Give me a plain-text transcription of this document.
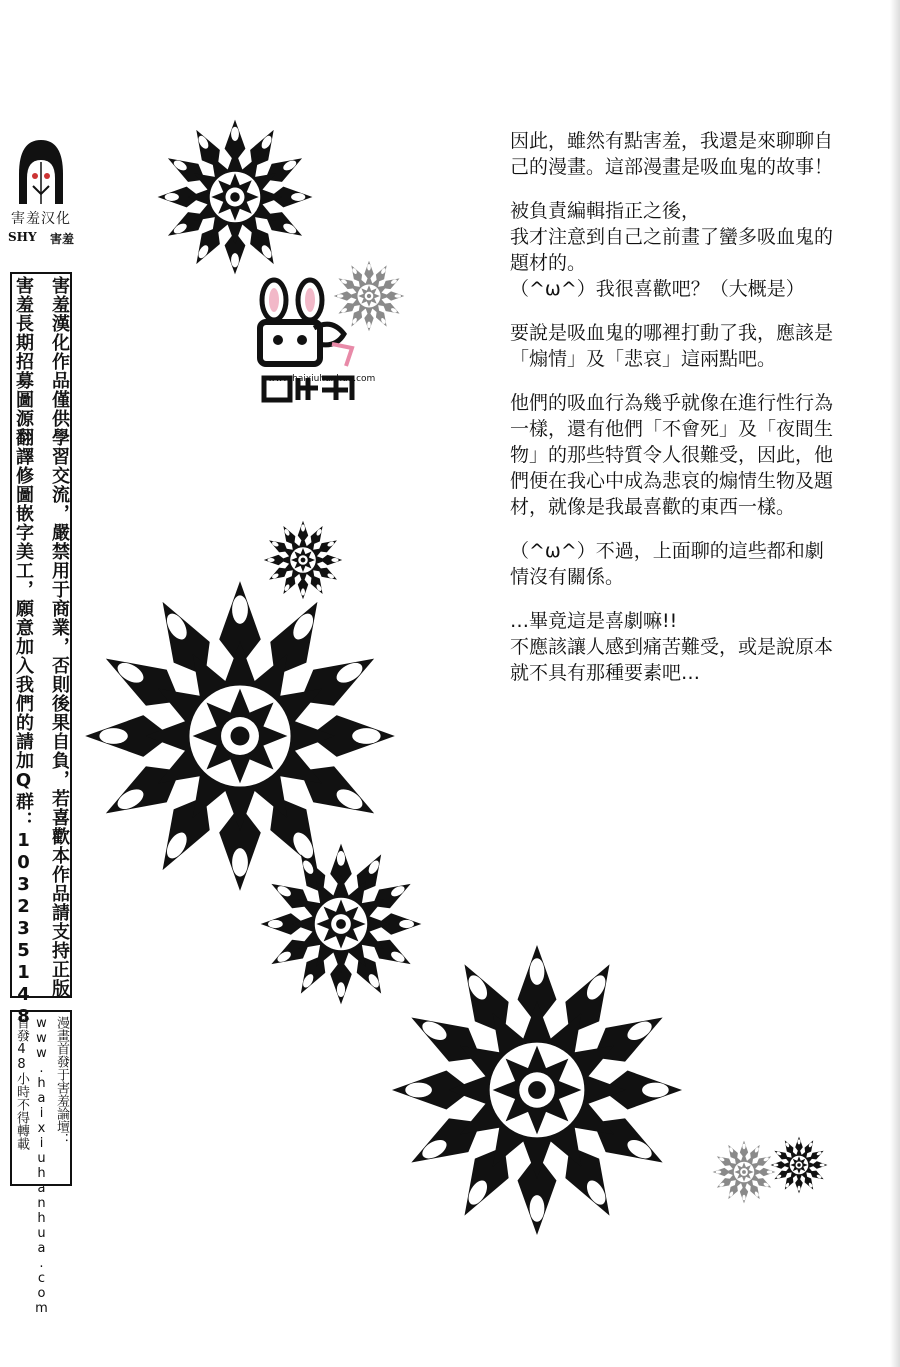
害羞汉化
SHY 害羞
害羞漢化作品僅供學習交流，嚴禁用于商業，否則後果自負，若喜歡本作品請支持正版
害羞長期招募圖源翻譯修圖嵌字美工，願意加入我們的請加Q群：103235148
漫畫首發于害羞論壇：
www.haixiuhanhua.com
首發48小時不得轉載
www.haixiuhanhua.com

因此，雖然有點害羞，我還是來聊聊自
己的漫畫。這部漫畫是吸血鬼的故事！

被負責編輯指正之後，
我才注意到自己之前畫了蠻多吸血鬼的
題材的。
（^ω^）我很喜歡吧？（大概是）

要說是吸血鬼的哪裡打動了我，應該是
「煽情」及「悲哀」這兩點吧。

他們的吸血行為幾乎就像在進行性行為
一樣，還有他們「不會死」及「夜間生
物」的那些特質令人很難受，因此，他
們便在我心中成為悲哀的煽情生物及題
材，就像是我最喜歡的東西一樣。

（^ω^）不過，上面聊的這些都和劇
情沒有關係。

…畢竟這是喜劇嘛!!
不應該讓人感到痛苦難受，或是說原本
就不具有那種要素吧…
